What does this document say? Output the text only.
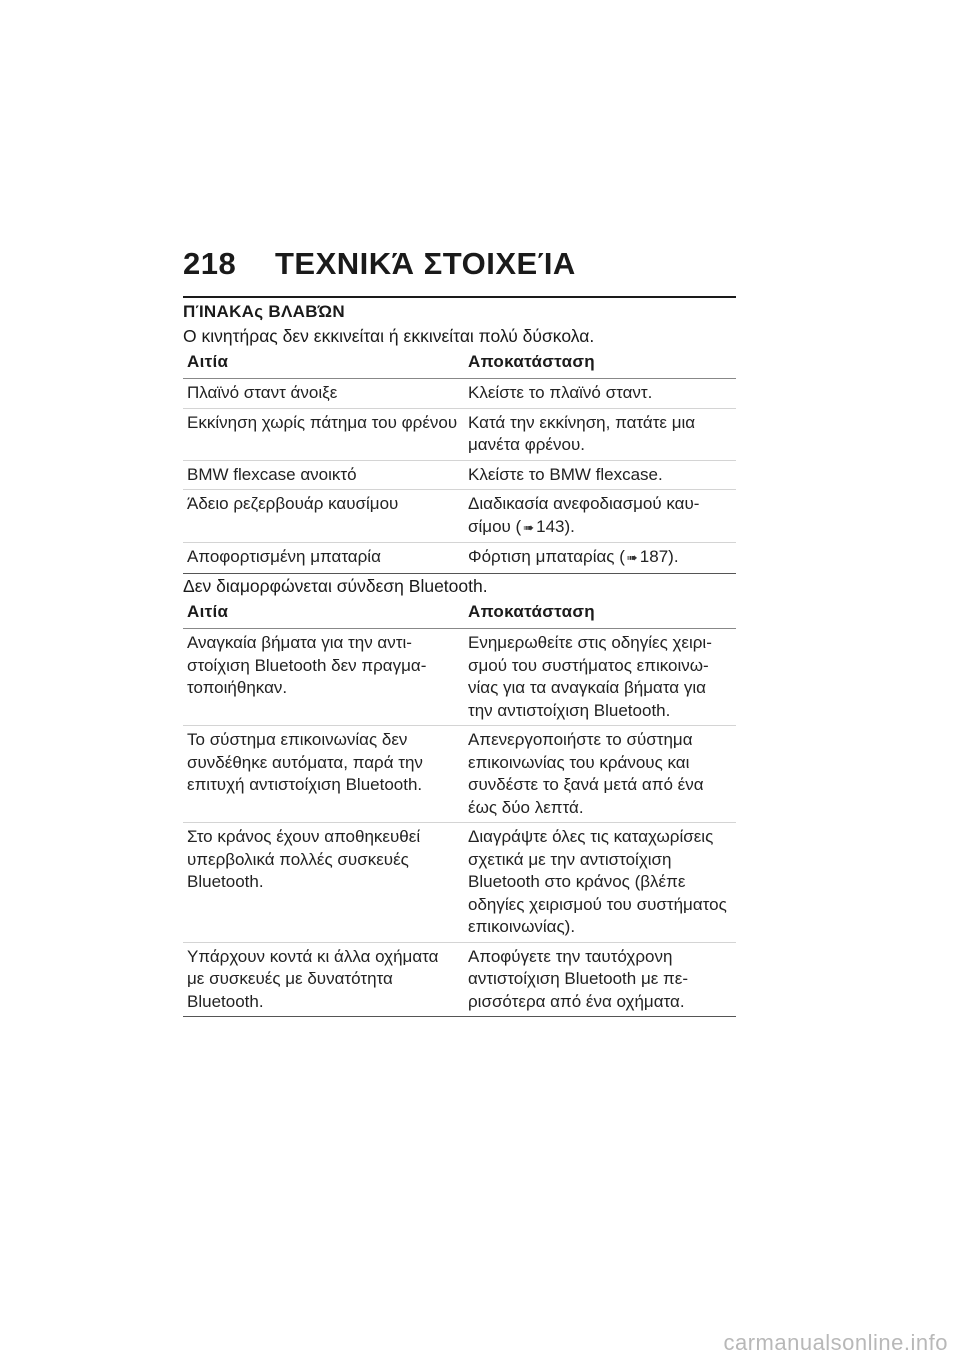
218 ΤΕΧΝΙΚΆ ΣΤΟΙΧΕΊΑ
ΠΊΝΑΚΑς ΒΛΑΒΏΝ
Ο κινητήρας δεν εκκινείται ή εκκινείται πολύ δύσκολα.
Αιτία	Αποκατάσταση
Πλαϊνό σταντ άνοιξε	Κλείστε το πλαϊνό σταντ.
Εκκίνηση χωρίς πάτημα του φρένου	Κατά την εκκίνηση, πατάτε μια μανέτα φρένου.
BMW flexcase ανοικτό	Κλείστε το BMW flexcase.
Άδειο ρεζερβουάρ καυσίμου	Διαδικασία ανεφοδιασμού καυσίμου ( ➠ 143).
Αποφορτισμένη μπαταρία	Φόρτιση μπαταρίας ( ➠ 187).
Δεν διαμορφώνεται σύνδεση Bluetooth.
Αιτία	Αποκατάσταση
Αναγκαία βήματα για την αντιστοίχιση Bluetooth δεν πραγματοποιήθηκαν.	Ενημερωθείτε στις οδηγίες χειρισμού του συστήματος επικοινωνίας για τα αναγκαία βήματα για την αντιστοίχιση Bluetooth.
Το σύστημα επικοινωνίας δεν συνδέθηκε αυτόματα, παρά την επιτυχή αντιστοίχιση Bluetooth.	Απενεργοποιήστε το σύστημα επικοινωνίας του κράνους και συνδέστε το ξανά μετά από ένα έως δύο λεπτά.
Στο κράνος έχουν αποθηκευθεί υπερβολικά πολλές συσκευές Bluetooth.	Διαγράψτε όλες τις καταχωρίσεις σχετικά με την αντιστοίχιση Bluetooth στο κράνος (βλέπε οδηγίες χειρισμού του συστήματος επικοινωνίας).
Υπάρχουν κοντά κι άλλα οχήματα με συσκευές με δυνατότητα Bluetooth.	Αποφύγετε την ταυτόχρονη αντιστοίχιση Bluetooth με περισσότερα από ένα οχήματα.
carmanualsonline.info
